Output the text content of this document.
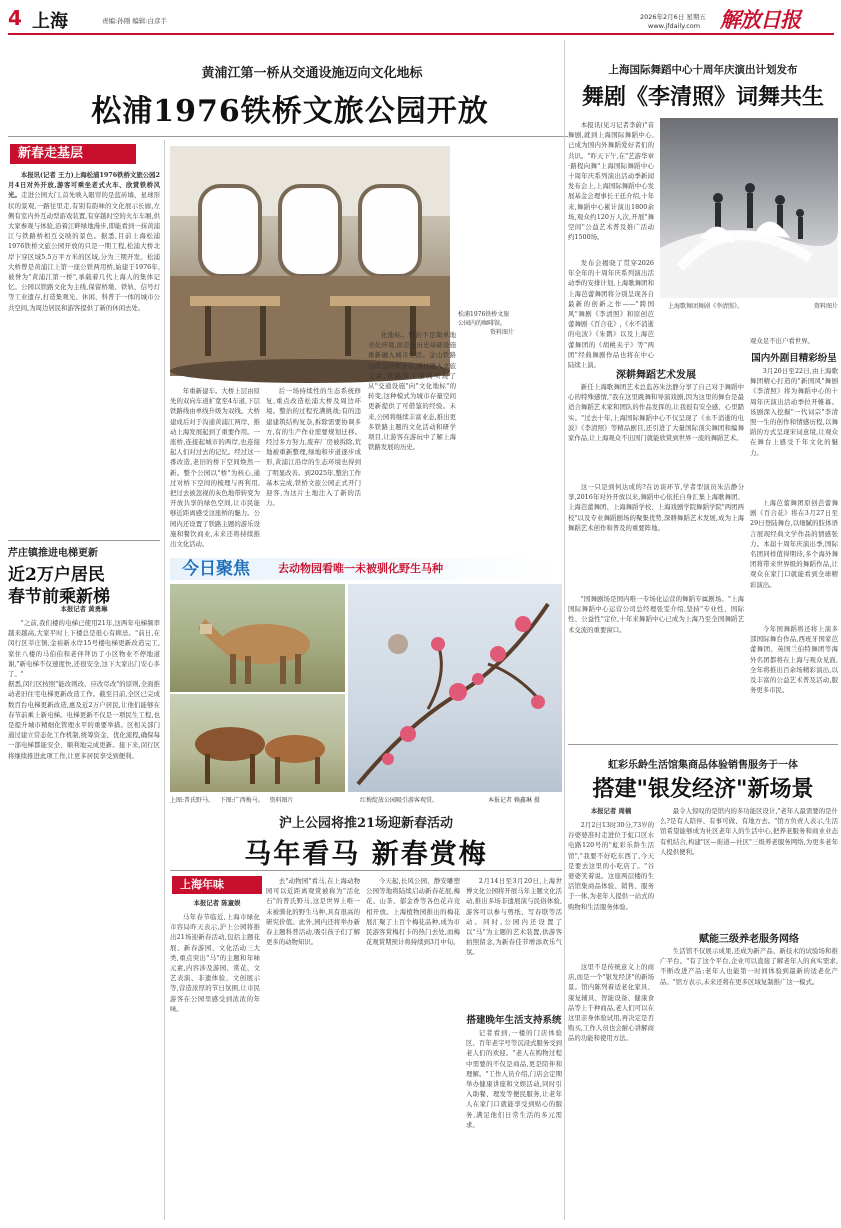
4 上海	责编:孙刚 编辑:白彦手	2026年2月6日 星期五
www.jfdaily.com 解放日报
黄浦江第一桥从交通设施迈向文化地标
松浦1976铁桥文旅公园开放
新春走基层

本报讯(记者 王力)上海松浦1976铁桥文旅公园2月4日对外开放,游客可乘坐老式火车、欣赏铁桥风光。走进公园大门,首先映入眼帘的是蓝砖墙、星球形状的景观,一路往里走,有别有韵味的文化展示长廊,左侧有室内外互动型游戏装置,有穿越时空的火车车厢,供大家参观与体验,沿着江畔绿地漫步,即能看到一抹黄浦江与铁路桥相互交映的景色。据悉,目前上海松浦1976铁桥文旅公园开放的只是一期工程,松浦大桥北岸下穿区域5.5万平方米的区域,分为三期开发。松浦大桥曾是黄浦江上第一座公铁两用桥,始建于1976年,被誉为"黄浦江第一桥",承载着几代上海人的集体记忆。公园以铁路文化为主线,保留桥墩、铁轨、信号灯等工业遗存,打造集观光、休闲、科普于一体的城市公共空间,为周边居民和游客提供了新的休闲去处。

松浦1976铁桥文旅公园内的咖啡馆。

资料图片

年重新建车。大桥上层由原先的双向车道扩宽至4车道,下层铁路线由单线升级为双线。大桥建成后对于沟通黄浦江两岸、推动上海发展起到了重要作用。一座桥,连接起城市的两岸,也连接起人们对过去的记忆。经过这一番改造,老旧的桥下空间焕然一新。整个公园以"桥"为核心,通过对桥下空间的梳理与再利用,把过去被忽视的灰色地带转变为开放共享的绿色空间,让市民能够近距离感受这座桥的魅力。公园内还设置了铁路主题的游乐设施和餐饮商业,未来还将持续推出文化活动。

后一场持续性的生态系统修复,重点改造松浦大桥及周边环境。整治的过程充满挑战;有的违建建筑结构复杂,拆除需要协调多方,有的生产作业需要规划迁移。经过多方努力,废弃厂房被拆除,荒地被重新整理,绿地和步道逐步成形,黄浦江沿岸的生态环境也得到了明显改善。到2025年,整治工作基本完成,铁桥文旅公园正式开门迎客,为这片土地注入了新的活力。

化地标。整治不是简单地美化环境,而是让历史基础设施重新融入城市生活。金山铁路公司总经理表示,通过融入文旅元素,铁路桥下空间实现了从"交通设施"向"文化地标"的转变,这种模式为城市存量空间更新提供了可借鉴的经验。未来,公园将继续丰富业态,推出更多铁路主题的文化活动和研学项目,让游客在游玩中了解上海铁路发展的历史。

上海国际舞蹈中心十周年庆演出计划发布
舞剧《李清照》词舞共生

本报讯(见习记者李蔚)"音舞剧,就到上海国际舞蹈中心,已成为国内外舞蹈爱好者们的共识。"昨天下午,在"艺游华章·路程向舞"上海国际舞蹈中心十周年庆系列演出活动季新闻发布会上,上海国际舞蹈中心发展基金会理事长王廷介绍,十年来,舞蹈中心累计演出1800余场,观众约120万人次,开展"舞空间"公益艺术普及推广活动约1500场。

上海歌舞团舞剧《李清照》。	资料图片

发布会揭晓了贯穿2026年全年的十周年庆系列演出活动季的安排计划,上海歌舞团和上海芭蕾舞团将分别呈现各自最新的创新之作——"跨国风"舞剧《李清照》和原创芭蕾舞剧《百合花》,《水不消逝的电波》《朱鹮》以及上海芭蕾舞团的《胡桃夹子》等"两团"经典舞剧作品也将在中心陆续上演。

深耕舞蹈艺术发展

新任上海歌舞团艺术总监苏朱法静分享了自己对于舞蹈中心的特殊感情,"我在这里跳舞和导演戏剧,因为这里的舞台是最适合舞蹈艺术家和团队的作品发挥的,让我很有安全感、心里踏实。"过去十年,上海国际舞蹈中心不仅呈现了《永不消逝的电波》《李清照》等精品剧目,还引进了大量国际顶尖舞团和编舞家作品,让上海观众不出国门就能欣赏到世界一流的舞蹈艺术。

这一只是到何达成的?在访谈环节,学者型演员朱洁静分享,2016年对外开放以来,舞蹈中心依托自身汇集上海歌舞团、上海芭蕾舞团、上海舞蹈学校、上海戏剧学院舞蹈学院"两团两校"以及专业舞蹈剧场的聚集优势,深耕舞蹈艺术发展,成为上海舞蹈艺术创作和普及的重要阵地。

"国舞剧场是国内唯一专场化运营的舞蹈专属剧场。"上海国际舞蹈中心运营公司总经理张雯介绍,坚持"专业性、国际性、公益性"定位,十年来舞蹈中心已成为上海乃至全国舞蹈艺术交流的重要窗口。

观众足不出户看世界。
国内外剧目精彩纷呈

3月20日至22日,由上海歌舞团精心打造的"新国风"舞剧《李清照》将为舞蹈中心的十周年庆演出活动季拉开帷幕。该剧深入挖掘"一代词宗"李清照一生的创作和情感历程,以舞蹈的方式呈现宋词意境,让观众在舞台上感受千年文化的魅力。

上海芭蕾舞团原创芭蕾舞剧《百合花》将在3月27日至29日登陆舞台,以细腻的肢体语言展现经典文学作品的情感张力。本届十周年庆演出季,国际名团同样值得期待,多个海外舞团将带来世界级的舞蹈作品,让观众在家门口就能看到全球精彩演出。

今年国舞蹈将还将上演多部国际舞台作品,西班牙国家芭蕾舞团、英国兰伯特舞团等海外名团都将在上海与观众见面,全年将推出百余场精彩演出,以及丰富的公益艺术普及活动,服务更多市民。

今日聚焦	去动物园看唯一未被驯化野生马种
上图:普氏野马。 下图:广西梅马。 资料图片	红梅绽放公园吸引游客观赏。	本报记者 赖鑫琳 摄
芹庄镇推进电梯更新
近2万户居民
春节前乘新梯
本报记者 黄勇琳

"之前,我们楼的电梯已使用21年,这两年电梯频率越来越高,大家平时上下楼总是很心有顾忌。"前日,在闵行区莘庄镇,金裕新水岸15号楼电梯更新改造完工,家住八楼的马伯伯和老伴拜访了小区物业不停地道谢,"新电梯不仅速度快,还很安全,这下大家出门安心多了。"
据悉,闵行区按照"能改则改、应改尽改"的原则,全面推动老旧住宅电梯更新改造工作。截至目前,全区已完成数百台电梯更新改造,惠及近2万户居民,让他们能够在春节前乘上新电梯。电梯更新不仅是一项民生工程,也是提升城市精细化管理水平的重要举措。区相关部门通过建立常态化工作机制,统筹资金、优化流程,确保每一部电梯都能安全、顺利地完成更新。接下来,闵行区将继续推进此项工作,让更多居民享受到便利。

沪上公园将推21场迎新春活动
马年看马 新春赏梅
上海年味
本报记者 陈童娱

马年春节临近,上海市绿化市容局昨天表示,沪上公园将推出21场迎新春活动,包括主题花展、新春游园、文化活动三大类,重点突出"马"的主题和年味元素,内容涉及游园、赏花、文艺表演、非遗体验、文创展示等,营造浓厚的节日氛围,让市民游客在公园里感受到浓浓的年味。

去"动物园"看马,在上海动物园可以近距离观赏被称为"活化石"的普氏野马,这是世界上唯一未被驯化的野生马种,具有很高的研究价值。此外,园内还将举办新春主题科普活动,吸引孩子们了解更多的动物知识。

今天起,长风公园、静安雕塑公园等地将陆续启动新春花展,梅花、山茶、郁金香等各色花卉竞相开放。上海植物园推出的梅花展汇聚了上百个梅花品种,成为市民游客赏梅打卡的热门去处,而梅花观赏期预计将持续到3月中旬。

2月14日至3月20日,上海世博文化公园将开展马年主题文化活动,推出多场非遗展演与民俗体验,游客可以参与剪纸、写春联等活动。同时,公园内还设置了以"马"为主题的艺术装置,供游客拍照留念,为新春佳节增添欢乐气氛。

搭建晚年生活支持系统

记者看到,一楼的门店体验区、百年老字号等沉浸式服务受到老人们的欢迎。"老人在购物过程中需要的不仅是商品,更是陪伴和理解。"工作人员介绍,门店会定期举办健康讲座和文娱活动,同时引入助餐、理发等便民服务,让老年人在家门口就能享受到贴心的服务,满足他们日常生活的多元需求。

虹彩乐龄生活馆集商品体验销售服务于一体
搭建"银发经济"新场景
本报记者 周楠

2月2日13时30分,73岁的谷婆婆准时走进位于虹口区水电路120号的"虹彩乐龄生活馆","我要不好吃东西了,今天是要去这里的小吃店了。"谷婆婆笑着说。这座两层楼的生活馆集商品体验、销售、服务于一体,为老年人提供一站式的购物和生活服务体验。

这里不是传统意义上的商店,而是一个"银发经济"的新场景。馆内陈列着适老化家具、康复辅具、智能设备、健康食品等上千种商品,老人们可以在这里亲身体验试用,再决定是否购买,工作人员也会耐心讲解商品的功能和使用方法。

最令人惊叹的是馆内的多功能区设计,"老年人最需要的是什么?是有人陪伴、有事可做、有地方去。"馆方负责人表示,生活馆希望能够成为社区老年人的生活中心,把养老服务和商业业态有机结合,构建"区—街道—社区"三级养老服务网络,为更多老年人提供便利。

赋能三级养老服务网络

生活馆不仅展示成果,还成为新产品、新技术的试验场和推广平台。"有了这个平台,企业可以直接了解老年人的真实需求,不断改进产品;老年人也能第一时间体验到最新的适老化产品。"馆方表示,未来还将在更多区域复制推广这一模式。
